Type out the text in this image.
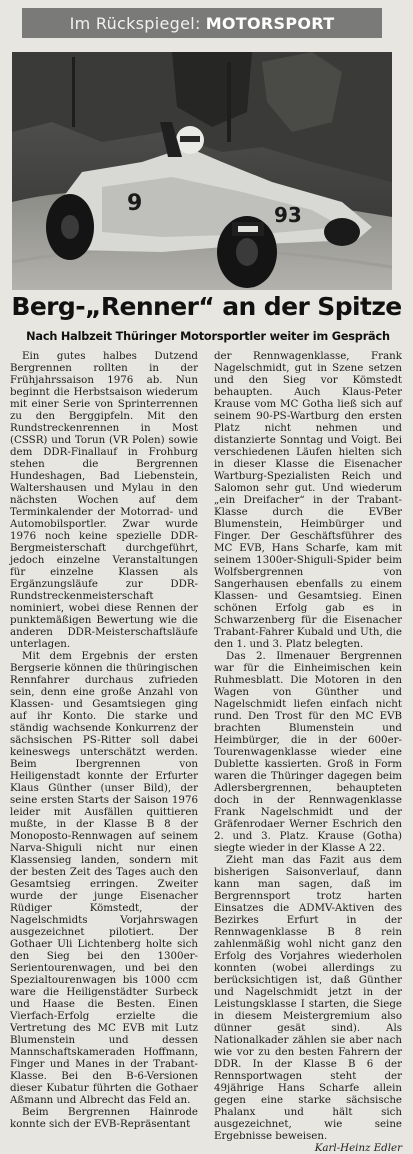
Im Rückspiegel: MOTORSPORT
9	93
Berg-„Renner“ an der Spitze
Nach Halbzeit Thüringer Motorsportler weiter im Gespräch

Ein gutes halbes Dutzend Bergrennen rollten in der Frühjahrssaison 1976 ab. Nun beginnt die Herbstsaison wiederum mit einer Serie von Sprinterrennen zu den Berggipfeln. Mit den Rundstreckenrennen in Most (CSSR) und Torun (VR Polen) sowie dem DDR-Finallauf in Frohburg stehen die Bergrennen Hundeshagen, Bad Liebenstein, Waltershausen und Mylau in den nächsten Wochen auf dem Terminkalender der Motorrad- und Automobilsportler. Zwar wurde 1976 noch keine spezielle DDR-Bergmeisterschaft durchgeführt, jedoch einzelne Veranstaltungen für einzelne Klassen als Ergänzungsläufe zur DDR-Rundstreckenmeisterschaft nominiert, wobei diese Rennen der punktemäßigen Bewertung wie die anderen DDR-Meisterschaftsläufe unterlagen.

Mit dem Ergebnis der ersten Bergserie können die thüringischen Rennfahrer durchaus zufrieden sein, denn eine große Anzahl von Klassen- und Gesamtsiegen ging auf ihr Konto. Die starke und ständig wachsende Konkurrenz der sächsischen PS-Ritter soll dabei keineswegs unterschätzt werden. Beim Ibergrennen von Heiligenstadt konnte der Erfurter Klaus Günther (unser Bild), der seine ersten Starts der Saison 1976 leider mit Ausfällen quittieren mußte, in der Klasse B 8 der Monoposto-Rennwagen auf seinem Narva-Shiguli nicht nur einen Klassensieg landen, sondern mit der besten Zeit des Tages auch den Gesamtsieg erringen. Zweiter wurde der junge Eisenacher Rüdiger Kömstedt, der Nagelschmidts Vorjahrswagen ausgezeichnet pilotiert. Der Gothaer Uli Lichtenberg holte sich den Sieg bei den 1300er-Serientourenwagen, und bei den Spezialtourenwagen bis 1000 ccm ware die Heiligenstädter Surbeck und Haase die Besten. Einen Vierfach-Erfolg erzielte die Vertretung des MC EVB mit Lutz Blumenstein und dessen Mannschaftskameraden Hoffmann, Finger und Manes in der Trabant-Klasse. Bei den B-6-Versionen dieser Kubatur führten die Gothaer Aßmann und Albrecht das Feld an.

Beim Bergrennen Hainrode konnte sich der EVB-Repräsentant

der Rennwagenklasse, Frank Nagelschmidt, gut in Szene setzen und den Sieg vor Kömstedt behaupten. Auch Klaus-Peter Krause vom MC Gotha ließ sich auf seinem 90-PS-Wartburg den ersten Platz nicht nehmen und distanzierte Sonntag und Voigt. Bei verschiedenen Läufen hielten sich in dieser Klasse die Eisenacher Wartburg-Spezialisten Reich und Salomon sehr gut. Und wiederum „ein Dreifacher“ in der Trabant-Klasse durch die EVBer Blumenstein, Heimbürger und Finger. Der Geschäftsführer des MC EVB, Hans Scharfe, kam mit seinem 1300er-Shiguli-Spider beim Wolfsbergrennen von Sangerhausen ebenfalls zu einem Klassen- und Gesamtsieg. Einen schönen Erfolg gab es in Schwarzenberg für die Eisenacher Trabant-Fahrer Kubald und Uth, die den 1. und 3. Platz belegten.

Das 2. Ilmenauer Bergrennen war für die Einheimischen kein Ruhmesblatt. Die Motoren in den Wagen von Günther und Nagelschmidt liefen einfach nicht rund. Den Trost für den MC EVB brachten Blumenstein und Heimbürger, die in der 600er-Tourenwagenklasse wieder eine Dublette kassierten. Groß in Form waren die Thüringer dagegen beim Adlersbergrennen, behaupteten doch in der Rennwagenklasse Frank Nagelschmidt und der Gräfenrodaer Werner Eschrich den 2. und 3. Platz. Krause (Gotha) siegte wieder in der Klasse A 22.

Zieht man das Fazit aus dem bisherigen Saisonverlauf, dann kann man sagen, daß im Bergrennsport trotz harten Einsatzes die ADMV-Aktiven des Bezirkes Erfurt in der Rennwagenklasse B 8 rein zahlenmäßig wohl nicht ganz den Erfolg des Vorjahres wiederholen konnten (wobei allerdings zu berücksichtigen ist, daß Günther und Nagelschmidt jetzt in der Leistungsklasse I starten, die Siege in diesem Meistergremium also dünner gesät sind). Als Nationalkader zählen sie aber nach wie vor zu den besten Fahrern der DDR. In der Klasse B 6 der Rennsportwagen steht der 49jährige Hans Scharfe allein gegen eine starke sächsische Phalanx und hält sich ausgezeichnet, wie seine Ergebnisse beweisen.

Karl-Heinz Edler
